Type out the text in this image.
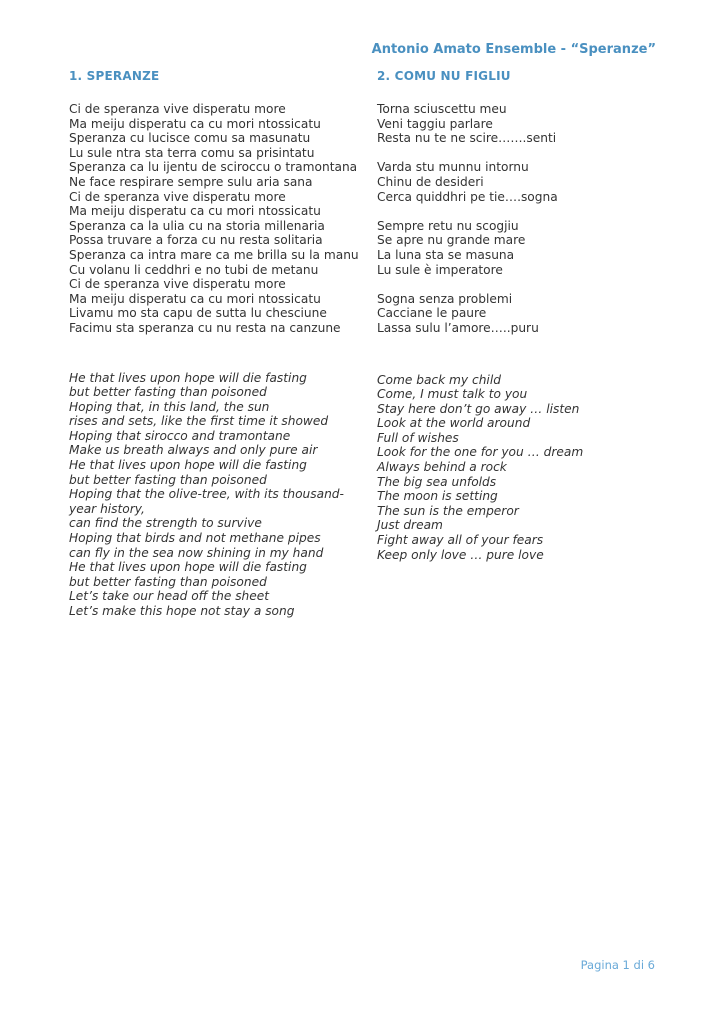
Antonio Amato Ensemble - “Speranze”
1. SPERANZE
Ci de speranza vive disperatu more
Ma meiju disperatu ca cu mori ntossicatu
Speranza cu lucisce comu sa masunatu
Lu sule ntra sta terra comu sa prisintatu
Speranza ca lu ijentu de sciroccu o tramontana
Ne face respirare sempre sulu aria sana
Ci de speranza vive disperatu more
Ma meiju disperatu ca cu mori ntossicatu
Speranza ca la ulia cu na storia millenaria
Possa truvare a forza cu nu resta solitaria
Speranza ca intra mare ca me brilla su la manu
Cu volanu li ceddhri e no tubi de metanu
Ci de speranza vive disperatu more
Ma meiju disperatu ca cu mori ntossicatu
Livamu mo sta capu de sutta lu chesciune
Facimu sta speranza cu nu resta na canzune
He that lives upon hope will die fasting
but better fasting than poisoned
Hoping that, in this land, the sun
rises and sets, like the first time it showed
Hoping that sirocco and tramontane
Make us breath always and only pure air
He that lives upon hope will die fasting
but better fasting than poisoned
Hoping that the olive-tree, with its thousand-year history,
can find the strength to survive
Hoping that birds and not methane pipes
can fly in the sea now shining in my hand
He that lives upon hope will die fasting
but better fasting than poisoned
Let’s take our head off the sheet
Let’s make this hope not stay a song
2. COMU NU FIGLIU
Torna sciuscettu meu
Veni taggiu parlare
Resta nu te ne scire…….senti
Varda stu munnu intornu
Chinu de desideri
Cerca quiddhri pe tie….sogna
Sempre retu nu scogjiu
Se apre nu grande mare
La luna sta se masuna
Lu sule è imperatore
Sogna senza problemi
Cacciane le paure
Lassa sulu l’amore…..puru
Come back my child
Come, I must talk to you
Stay here don’t go away … listen
Look at the world around
Full of wishes
Look for the one for you … dream
Always behind a rock
The big sea unfolds
The moon is setting
The sun is the emperor
Just dream
Fight away all of your fears
Keep only love … pure love
Pagina 1 di 6
